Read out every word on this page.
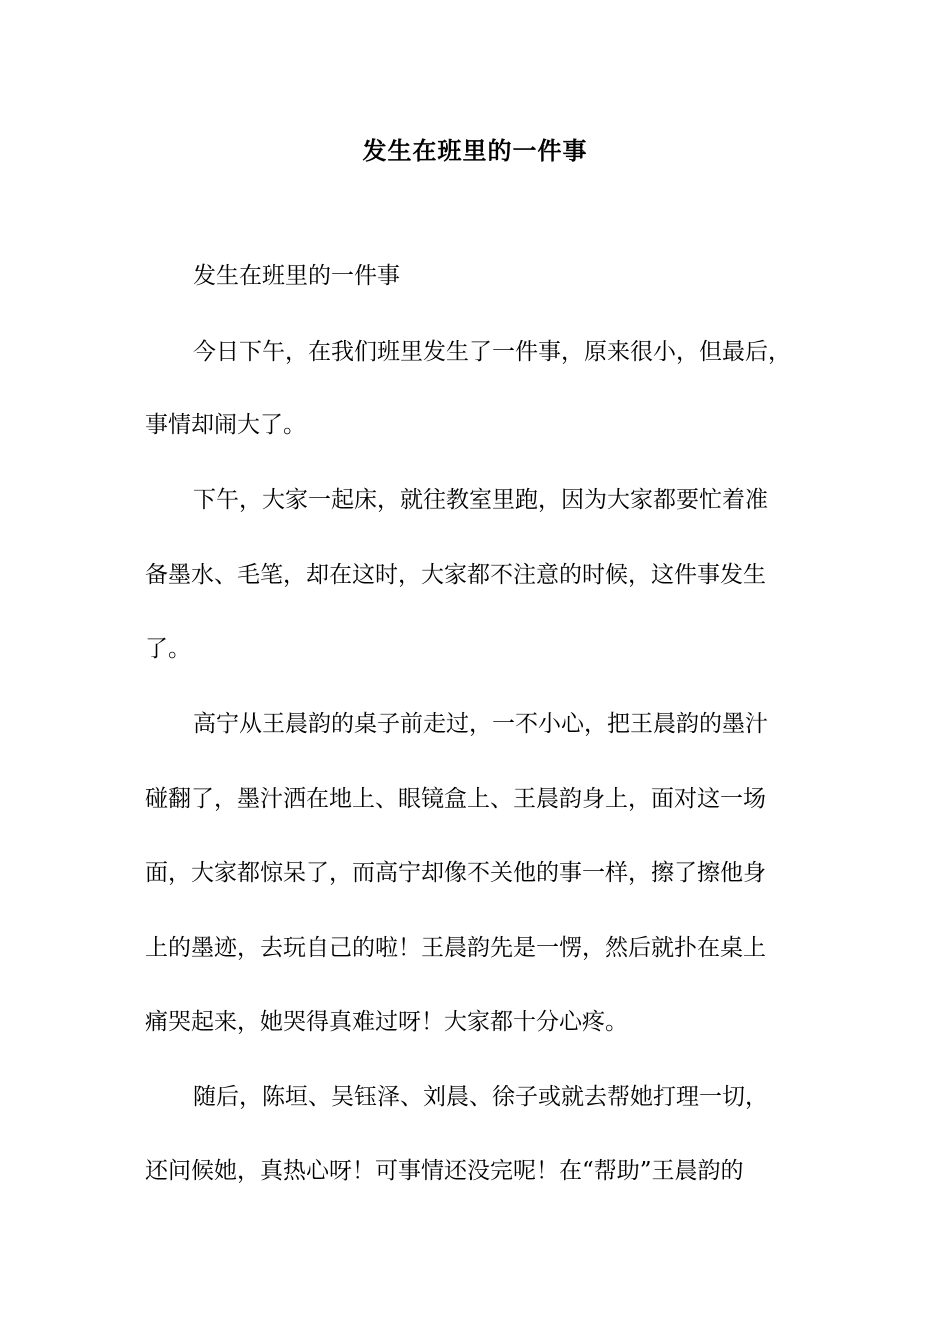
发生在班里的一件事

发生在班里的一件事

今日下午，在我们班里发生了一件事，原来很小，但最后，

事情却闹大了。

下午，大家一起床，就往教室里跑，因为大家都要忙着准

备墨水、毛笔，却在这时，大家都不注意的时候，这件事发生

了。

高宁从王晨韵的桌子前走过，一不小心，把王晨韵的墨汁

碰翻了，墨汁洒在地上、眼镜盒上、王晨韵身上，面对这一场

面，大家都惊呆了，而高宁却像不关他的事一样，擦了擦他身

上的墨迹，去玩自己的啦！王晨韵先是一愣，然后就扑在桌上

痛哭起来，她哭得真难过呀！大家都十分心疼。

随后，陈垣、吴钰泽、刘晨、徐子或就去帮她打理一切，

还问候她，真热心呀！可事情还没完呢！在“帮助”王晨韵的
